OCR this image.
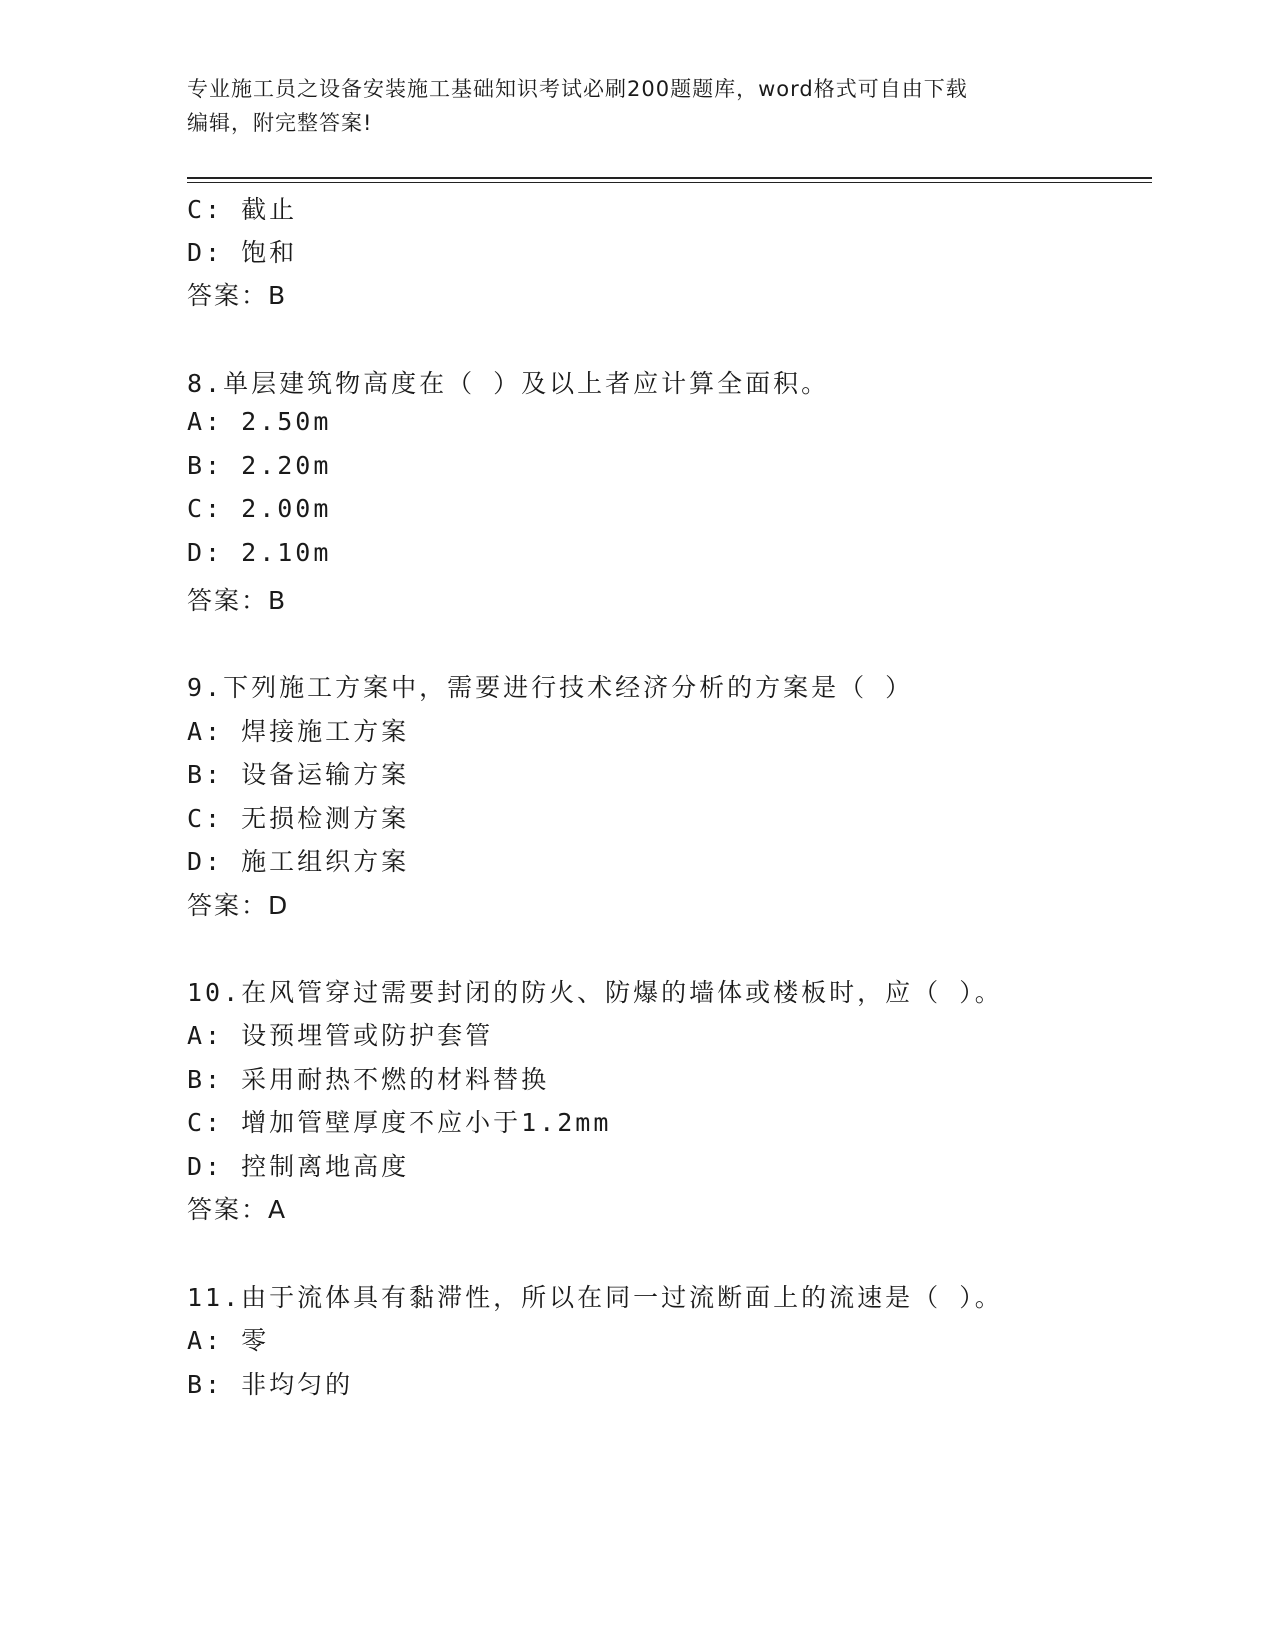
专业施工员之设备安装施工基础知识考试必刷200题题库，word格式可自由下载
编辑，附完整答案!
C: 截止
D: 饱和
答案：B
8.单层建筑物高度在（ ）及以上者应计算全面积。
A: 2.50m
B: 2.20m
C: 2.00m
D: 2.10m
答案：B
9.下列施工方案中，需要进行技术经济分析的方案是（ ）
A: 焊接施工方案
B: 设备运输方案
C: 无损检测方案
D: 施工组织方案
答案：D
10.在风管穿过需要封闭的防火、防爆的墙体或楼板时，应（ ）。
A: 设预埋管或防护套管
B: 采用耐热不燃的材料替换
C: 增加管壁厚度不应小于1.2mm
D: 控制离地高度
答案：A
11.由于流体具有黏滞性，所以在同一过流断面上的流速是（ ）。
A: 零
B: 非均匀的
